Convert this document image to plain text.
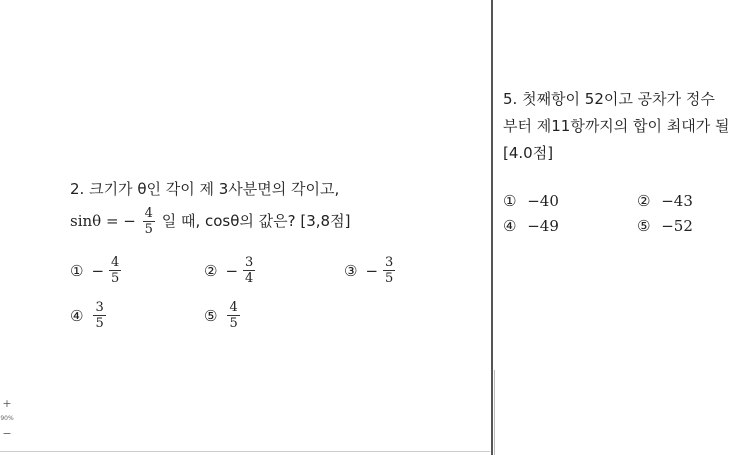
2. 크기가 θ인 각이 제 3사분면의 각이고,
sinθ = − $\frac{4}{5}$ 일 때, cosθ의 값은? [3,8점]
① − $\frac{4}{5}$	② − $\frac{3}{4}$	③ − $\frac{3}{5}$
④ $\frac{3}{5}$	⑤ $\frac{4}{5}$
5. 첫째항이 52이고 공차가 정수
부터 제11항까지의 합이 최대가 될
[4.0점]
① −40	② −43
④ −49	⑤ −52
+
90%
−
